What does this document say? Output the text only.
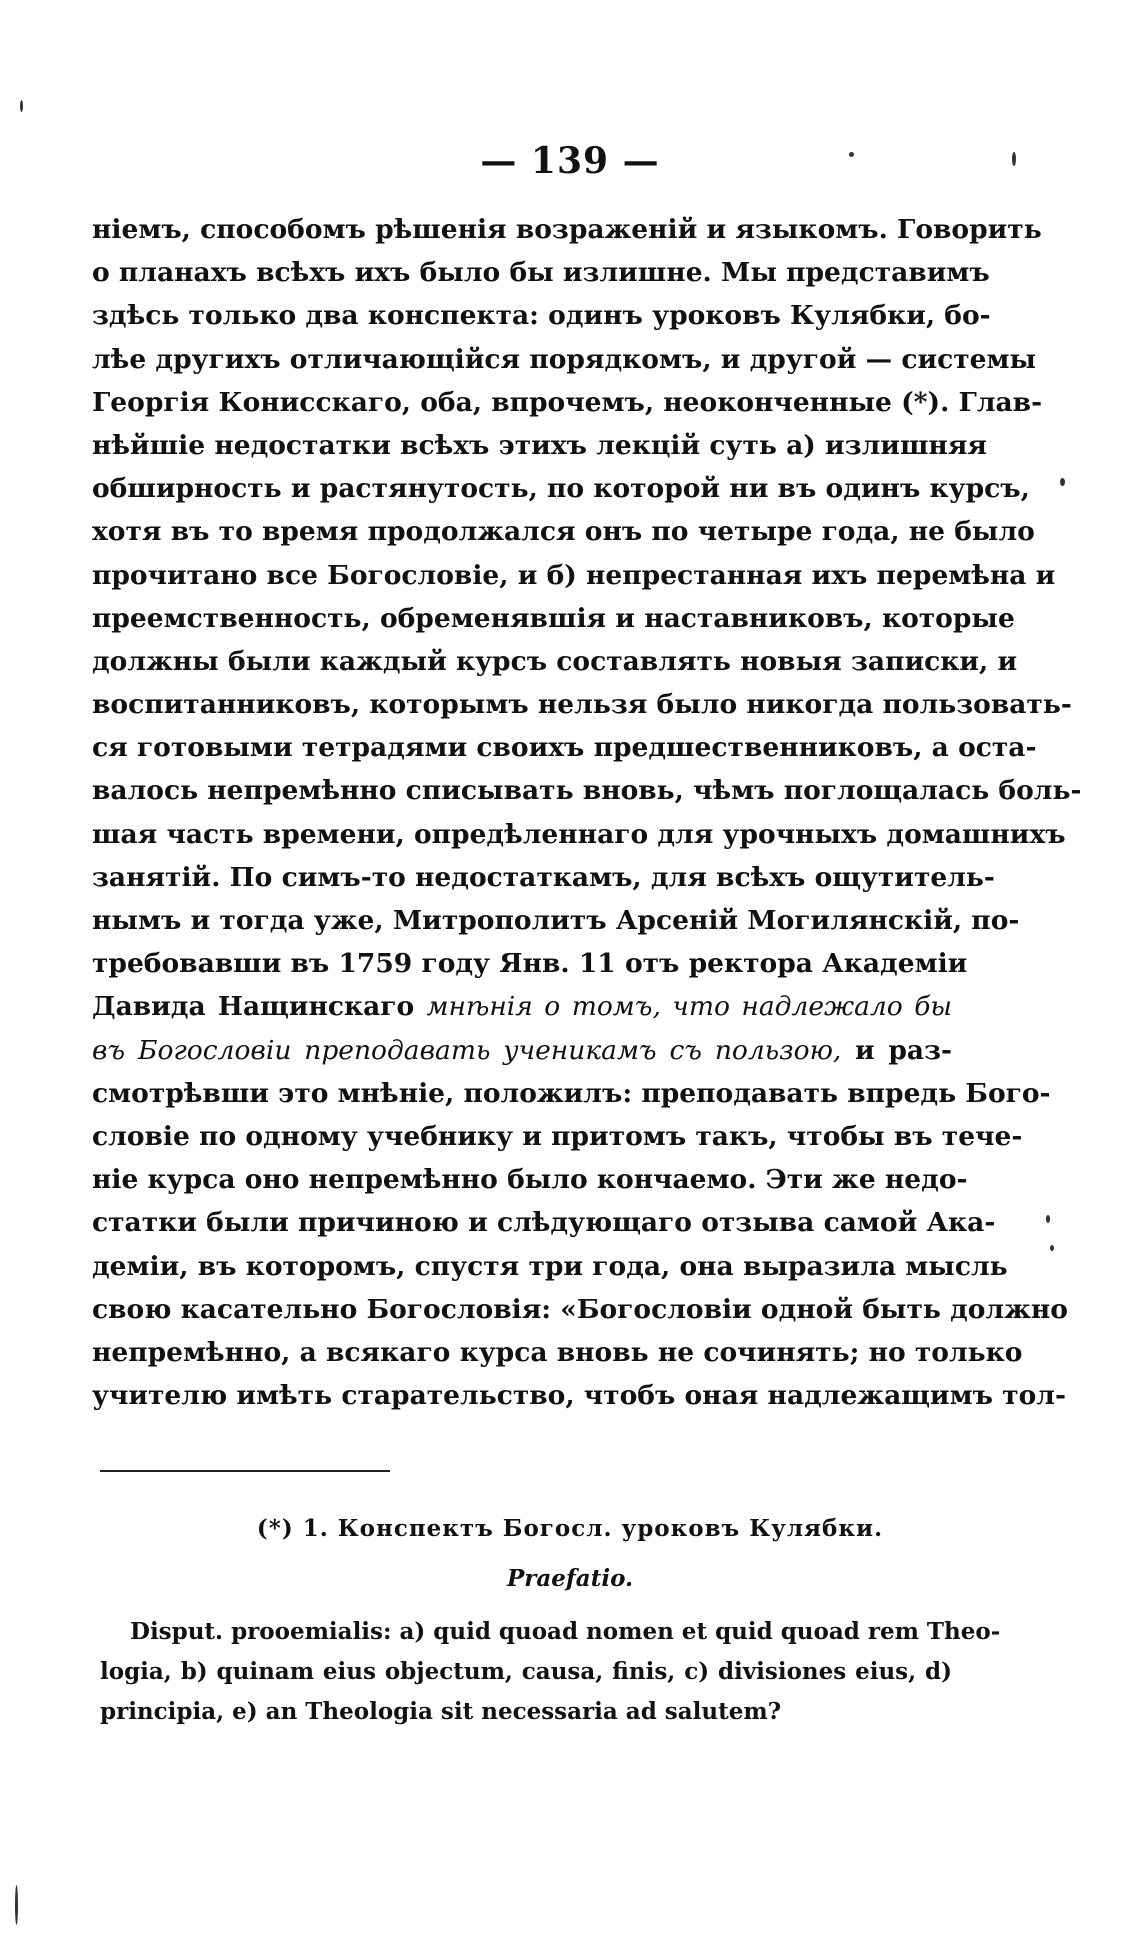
— 139 —
ніемъ, способомъ рѣшенія возраженій и языкомъ. Говорить
о планахъ всѣхъ ихъ было бы излишне. Мы представимъ
здѣсь только два конспекта: одинъ уроковъ Кулябки, бо-
лѣе другихъ отличающійся порядкомъ, и другой — системы
Георгія Конисскаго, оба, впрочемъ, неоконченные (*). Глав-
нѣйшіе недостатки всѣхъ этихъ лекцій суть а) излишняя
обширность и растянутость, по которой ни въ одинъ курсъ,
хотя въ то время продолжался онъ по четыре года, не было
прочитано все Богословіе, и б) непрестанная ихъ перемѣна и
преемственность, обременявшія и наставниковъ, которые
должны были каждый курсъ составлять новыя записки, и
воспитанниковъ, которымъ нельзя было никогда пользовать-
ся готовыми тетрадями своихъ предшественниковъ, а оста-
валось непремѣнно списывать вновь, чѣмъ поглощалась боль-
шая часть времени, опредѣленнаго для урочныхъ домашнихъ
занятій. По симъ-то недостаткамъ, для всѣхъ ощутитель-
нымъ и тогда уже, Митрополитъ Арсеній Могилянскій, по-
требовавши въ 1759 году Янв. 11 отъ ректора Академіи
Давида Нащинскаго мнѣнія о томъ, что надлежало бы
въ Богословіи преподавать ученикамъ съ пользою, и раз-
смотрѣвши это мнѣніе, положилъ: преподавать впредь Бого-
словіе по одному учебнику и притомъ такъ, чтобы въ тече-
ніе курса оно непремѣнно было кончаемо. Эти же недо-
статки были причиною и слѣдующаго отзыва самой Ака-
деміи, въ которомъ, спустя три года, она выразила мысль
свою касательно Богословія: «Богословіи одной быть должно
непремѣнно, а всякаго курса вновь не сочинять; но только
учителю имѣть старательство, чтобъ оная надлежащимъ тол-
(*) 1. Конспектъ Богосл. уроковъ Кулябки.
Praefatio.
Disput. prooemialis: a) quid quoad nomen et quid quoad rem Theo-
logia, b) quinam eius objectum, causa, finis, c) divisiones eius, d)
principia, e) an Theologia sit necessaria ad salutem?
